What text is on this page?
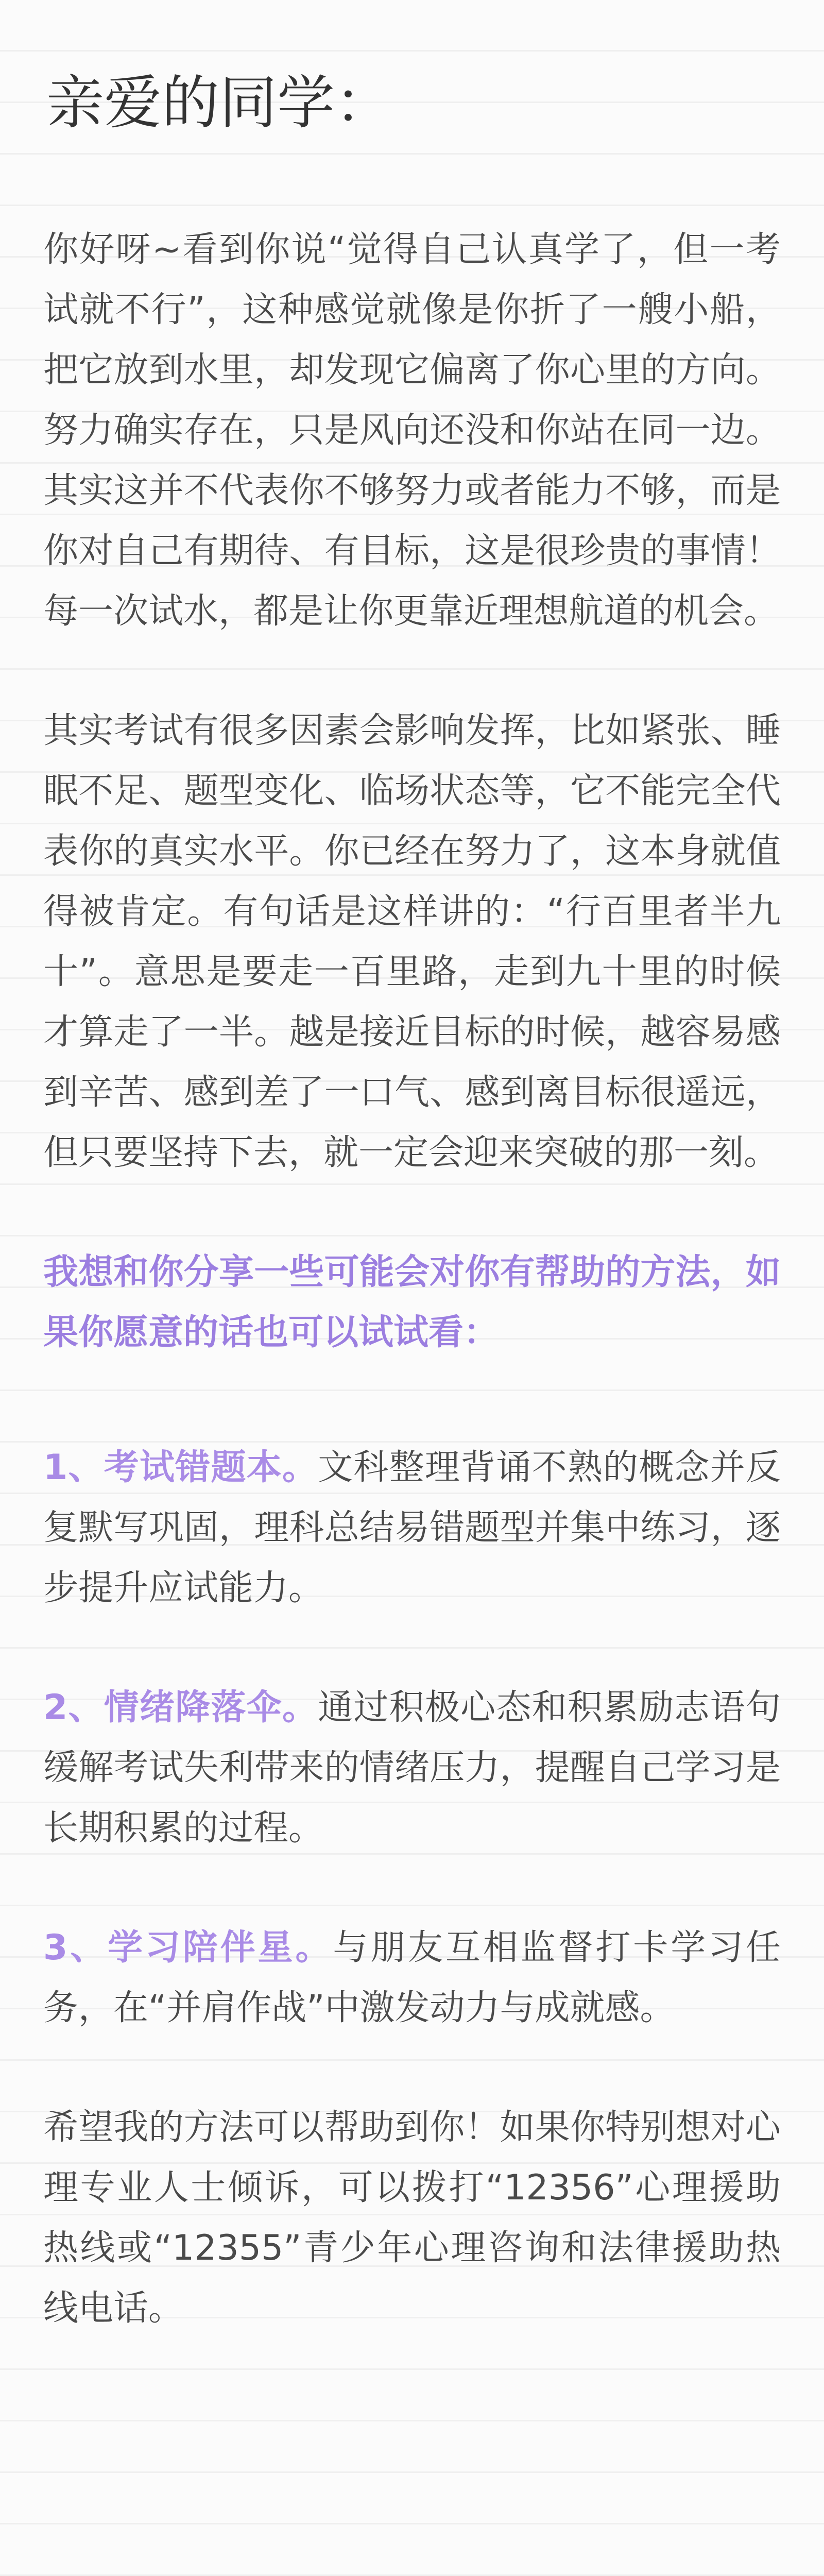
亲爱的同学：

你好呀~看到你说“觉得自己认真学了，但一考试就不行”，这种感觉就像是你折了一艘小船，把它放到水里，却发现它偏离了你心里的方向。努力确实存在，只是风向还没和你站在同一边。其实这并不代表你不够努力或者能力不够，而是你对自己有期待、有目标，这是很珍贵的事情！每一次试水，都是让你更靠近理想航道的机会。

其实考试有很多因素会影响发挥，比如紧张、睡眠不足、题型变化、临场状态等，它不能完全代表你的真实水平。你已经在努力了，这本身就值得被肯定。有句话是这样讲的：“行百里者半九十”。意思是要走一百里路，走到九十里的时候才算走了一半。越是接近目标的时候，越容易感到辛苦、感到差了一口气、感到离目标很遥远，但只要坚持下去，就一定会迎来突破的那一刻。

我想和你分享一些可能会对你有帮助的方法，如果你愿意的话也可以试试看：

1、考试错题本。文科整理背诵不熟的概念并反复默写巩固，理科总结易错题型并集中练习，逐步提升应试能力。

2、情绪降落伞。通过积极心态和积累励志语句缓解考试失利带来的情绪压力，提醒自己学习是长期积累的过程。

3、学习陪伴星。与朋友互相监督打卡学习任务，在“并肩作战”中激发动力与成就感。

希望我的方法可以帮助到你！如果你特别想对心理专业人士倾诉，可以拨打“12356”心理援助热线或“12355”青少年心理咨询和法律援助热线电话。
